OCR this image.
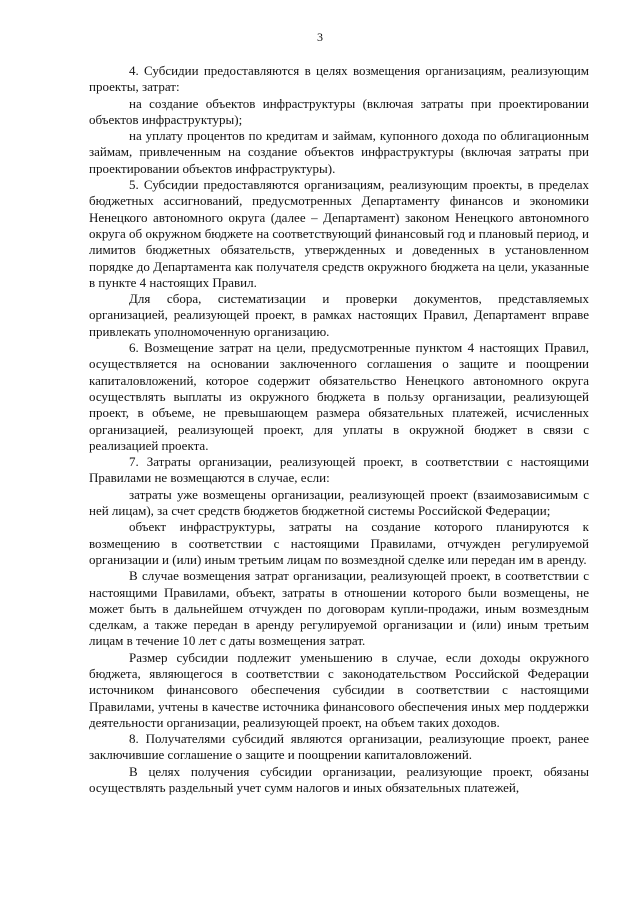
3

4. Субсидии предоставляются в целях возмещения организациям, реализующим проекты, затрат:

на создание объектов инфраструктуры (включая затраты при проектировании объектов инфраструктуры);

на уплату процентов по кредитам и займам, купонного дохода по облигационным займам, привлеченным на создание объектов инфраструктуры (включая затраты при проектировании объектов инфраструктуры).

5. Субсидии предоставляются организациям, реализующим проекты, в пределах бюджетных ассигнований, предусмотренных Департаменту финансов и экономики Ненецкого автономного округа (далее – Департамент) законом Ненецкого автономного округа об окружном бюджете на соответствующий финансовый год и плановый период, и лимитов бюджетных обязательств, утвержденных и доведенных в установленном порядке до Департамента как получателя средств окружного бюджета на цели, указанные в пункте 4 настоящих Правил.

Для сбора, систематизации и проверки документов, представляемых организацией, реализующей проект, в рамках настоящих Правил, Департамент вправе привлекать уполномоченную организацию.

6. Возмещение затрат на цели, предусмотренные пунктом 4 настоящих Правил, осуществляется на основании заключенного соглашения о защите и поощрении капиталовложений, которое содержит обязательство Ненецкого автономного округа осуществлять выплаты из окружного бюджета в пользу организации, реализующей проект, в объеме, не превышающем размера обязательных платежей, исчисленных организацией, реализующей проект, для уплаты в окружной бюджет в связи с реализацией проекта.

7. Затраты организации, реализующей проект, в соответствии с настоящими Правилами не возмещаются в случае, если:

затраты уже возмещены организации, реализующей проект (взаимозависимым с ней лицам), за счет средств бюджетов бюджетной системы Российской Федерации;

объект инфраструктуры, затраты на создание которого планируются к возмещению в соответствии с настоящими Правилами, отчужден регулируемой организации и (или) иным третьим лицам по возмездной сделке или передан им в аренду.

В случае возмещения затрат организации, реализующей проект, в соответствии с настоящими Правилами, объект, затраты в отношении которого были возмещены, не может быть в дальнейшем отчужден по договорам купли-продажи, иным возмездным сделкам, а также передан в аренду регулируемой организации и (или) иным третьим лицам в течение 10 лет с даты возмещения затрат.

Размер субсидии подлежит уменьшению в случае, если доходы окружного бюджета, являющегося в соответствии с законодательством Российской Федерации источником финансового обеспечения субсидии в соответствии с настоящими Правилами, учтены в качестве источника финансового обеспечения иных мер поддержки деятельности организации, реализующей проект, на объем таких доходов.

8. Получателями субсидий являются организации, реализующие проект, ранее заключившие соглашение о защите и поощрении капиталовложений.

В целях получения субсидии организации, реализующие проект, обязаны осуществлять раздельный учет сумм налогов и иных обязательных платежей,
